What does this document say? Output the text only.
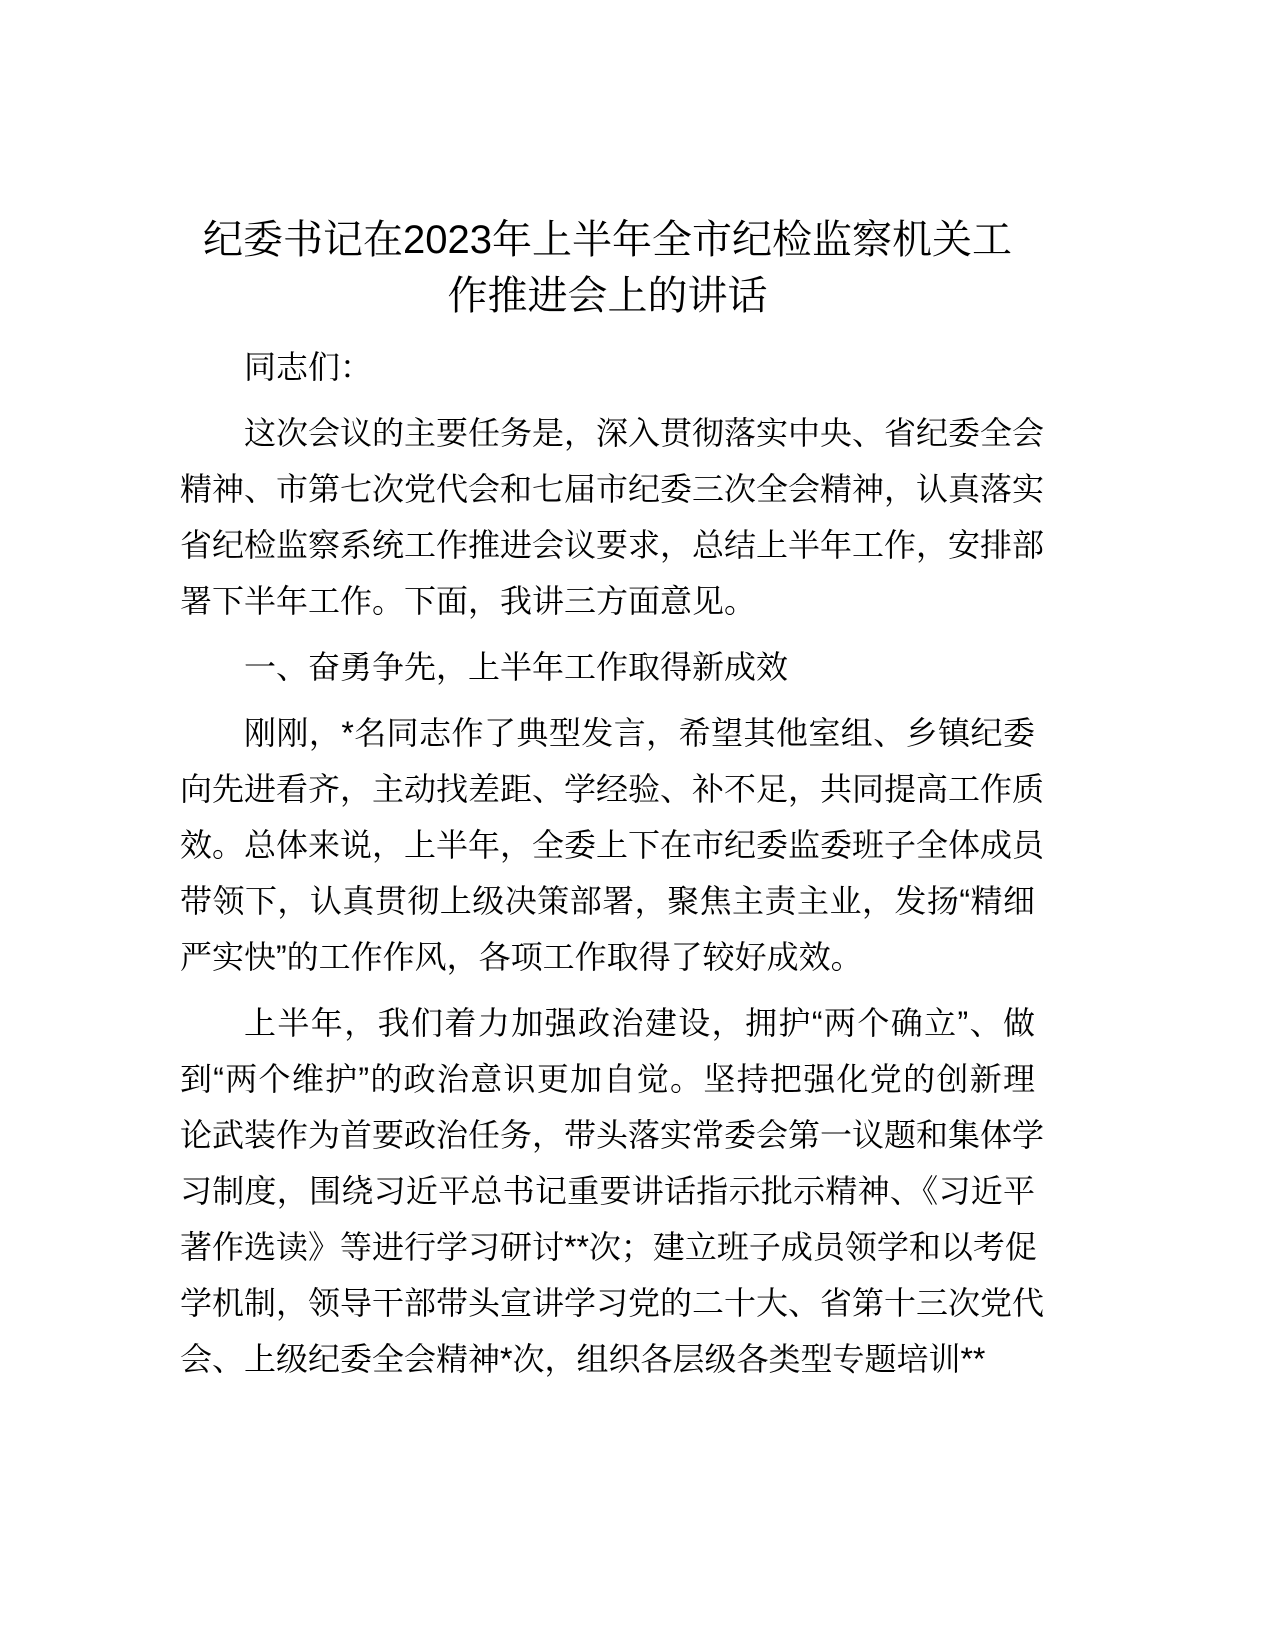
纪委书记在2023年上半年全市纪检监察机关工
作推进会上的讲话
同志们：
这次会议的主要任务是，深入贯彻落实中央、省纪委全会
精神、市第七次党代会和七届市纪委三次全会精神，认真落实
省纪检监察系统工作推进会议要求，总结上半年工作，安排部
署下半年工作。下面，我讲三方面意见。
一、奋勇争先，上半年工作取得新成效
刚刚，*名同志作了典型发言，希望其他室组、乡镇纪委
向先进看齐，主动找差距、学经验、补不足，共同提高工作质
效。总体来说，上半年，全委上下在市纪委监委班子全体成员
带领下，认真贯彻上级决策部署，聚焦主责主业，发扬“精细
严实快”的工作作风，各项工作取得了较好成效。
上半年，我们着力加强政治建设，拥护“两个确立”、做
到“两个维护”的政治意识更加自觉。坚持把强化党的创新理
论武装作为首要政治任务，带头落实常委会第一议题和集体学
习制度，围绕习近平总书记重要讲话指示批示精神、《习近平
著作选读》等进行学习研讨**次；建立班子成员领学和以考促
学机制，领导干部带头宣讲学习党的二十大、省第十三次党代
会、上级纪委全会精神*次，组织各层级各类型专题培训**
